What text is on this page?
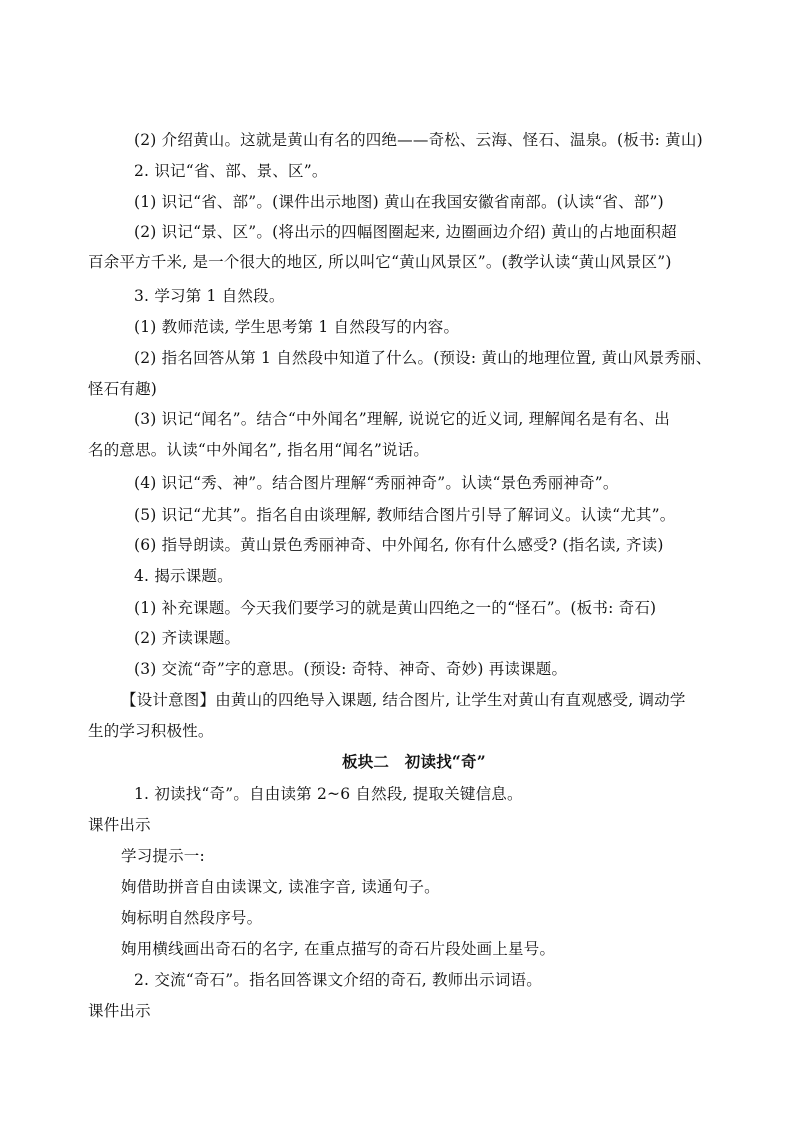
(2) 介绍黄山。这就是黄山有名的四绝——奇松、云海、怪石、温泉。(板书: 黄山)
2. 识记“省、部、景、区”。
(1) 识记“省、部”。(课件出示地图) 黄山在我国安徽省南部。(认读“省、部”)
(2) 识记“景、区”。(将出示的四幅图圈起来, 边圈画边介绍) 黄山的占地面积超
百余平方千米, 是一个很大的地区, 所以叫它“黄山风景区”。(教学认读“黄山风景区”)
3. 学习第 1 自然段。
(1) 教师范读, 学生思考第 1 自然段写的内容。
(2) 指名回答从第 1 自然段中知道了什么。(预设: 黄山的地理位置, 黄山风景秀丽、
怪石有趣)
(3) 识记“闻名”。结合“中外闻名”理解, 说说它的近义词, 理解闻名是有名、出
名的意思。认读“中外闻名”, 指名用“闻名”说话。
(4) 识记“秀、神”。结合图片理解“秀丽神奇”。认读“景色秀丽神奇”。
(5) 识记“尤其”。指名自由谈理解, 教师结合图片引导了解词义。认读“尤其”。
(6) 指导朗读。黄山景色秀丽神奇、中外闻名, 你有什么感受? (指名读, 齐读)
4. 揭示课题。
(1) 补充课题。今天我们要学习的就是黄山四绝之一的“怪石”。(板书: 奇石)
(2) 齐读课题。
(3) 交流“奇”字的意思。(预设: 奇特、神奇、奇妙) 再读课题。
【设计意图】由黄山的四绝导入课题, 结合图片, 让学生对黄山有直观感受, 调动学
生的学习积极性。
板块二　初读找“奇”
1. 初读找“奇”。自由读第 2~6 自然段, 提取关键信息。
课件出示
学习提示一:
姰借助拼音自由读课文, 读准字音, 读通句子。
姰标明自然段序号。
姰用横线画出奇石的名字, 在重点描写的奇石片段处画上星号。
2. 交流“奇石”。指名回答课文介绍的奇石, 教师出示词语。
课件出示
